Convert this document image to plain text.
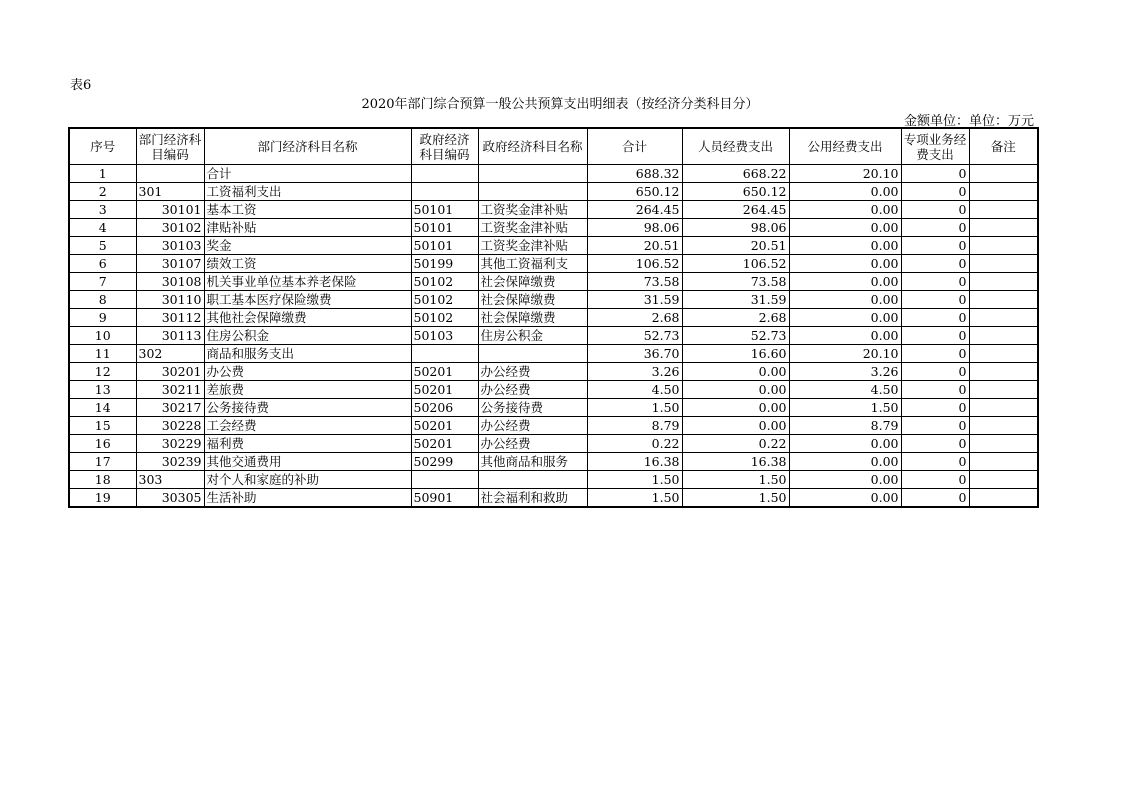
表6
2020年部门综合预算一般公共预算支出明细表（按经济分类科目分）
金额单位：单位：万元
序号	部门经济科目编码	部门经济科目名称	政府经济科目编码	政府经济科目名称	合计	人员经费支出	公用经费支出	专项业务经费支出	备注
1		合计			688.32	668.22	20.10	0	
2	301	工资福利支出			650.12	650.12	0.00	0	
3	30101	基本工资	50101	工资奖金津补贴	264.45	264.45	0.00	0	
4	30102	津贴补贴	50101	工资奖金津补贴	98.06	98.06	0.00	0	
5	30103	奖金	50101	工资奖金津补贴	20.51	20.51	0.00	0	
6	30107	绩效工资	50199	其他工资福利支	106.52	106.52	0.00	0	
7	30108	机关事业单位基本养老保险	50102	社会保障缴费	73.58	73.58	0.00	0	
8	30110	职工基本医疗保险缴费	50102	社会保障缴费	31.59	31.59	0.00	0	
9	30112	其他社会保障缴费	50102	社会保障缴费	2.68	2.68	0.00	0	
10	30113	住房公积金	50103	住房公积金	52.73	52.73	0.00	0	
11	302	商品和服务支出			36.70	16.60	20.10	0	
12	30201	办公费	50201	办公经费	3.26	0.00	3.26	0	
13	30211	差旅费	50201	办公经费	4.50	0.00	4.50	0	
14	30217	公务接待费	50206	公务接待费	1.50	0.00	1.50	0	
15	30228	工会经费	50201	办公经费	8.79	0.00	8.79	0	
16	30229	福利费	50201	办公经费	0.22	0.22	0.00	0	
17	30239	其他交通费用	50299	其他商品和服务	16.38	16.38	0.00	0	
18	303	对个人和家庭的补助			1.50	1.50	0.00	0	
19	30305	生活补助	50901	社会福利和救助	1.50	1.50	0.00	0	
